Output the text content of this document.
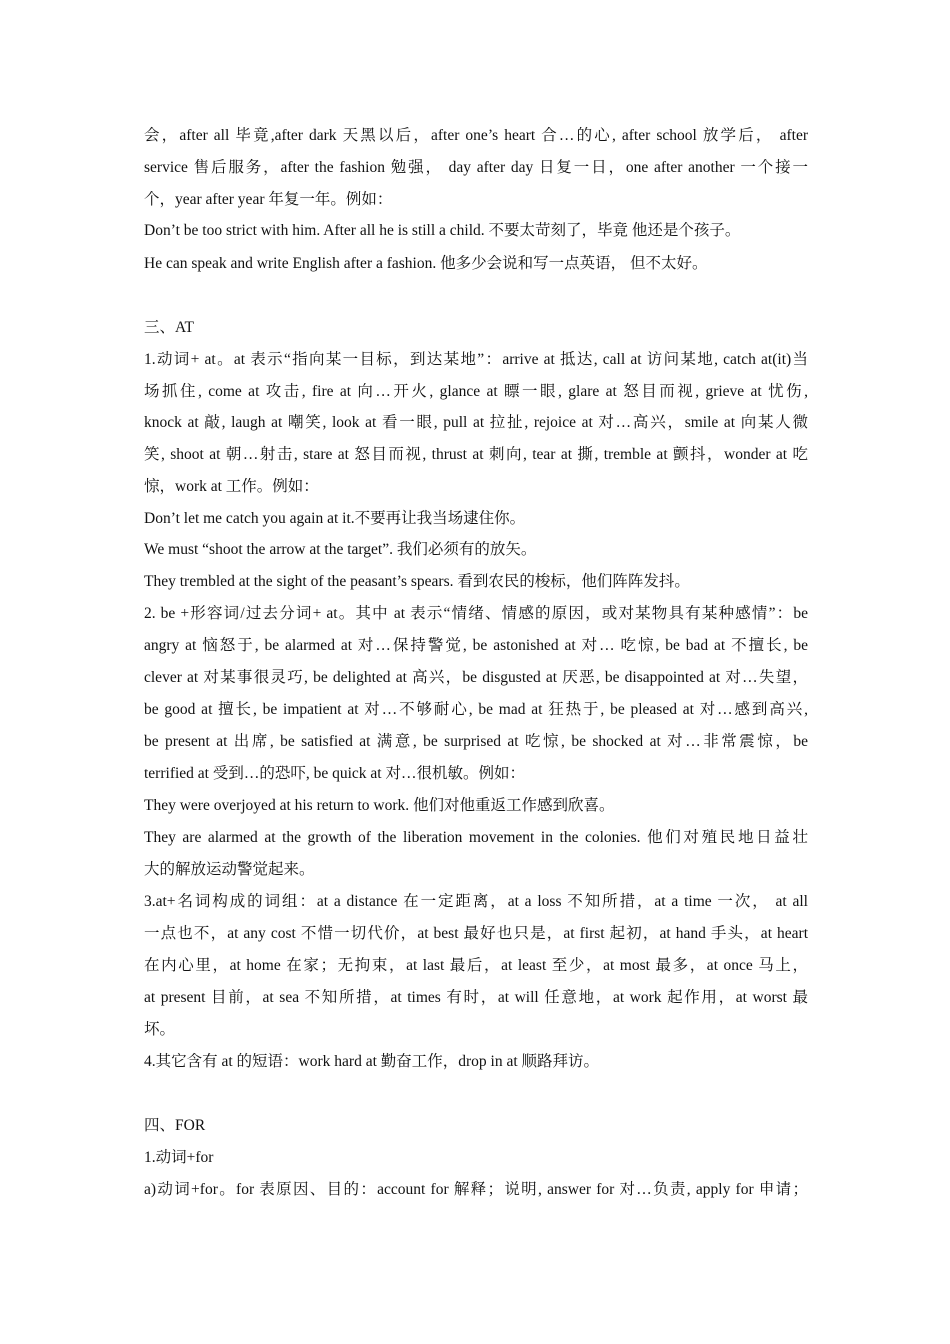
会，after all 毕竟,after dark 天黑以后，after one’s heart 合…的心, after school 放学后， after
service 售后服务，after the fashion 勉强， day after day 日复一日，one after another 一个接一
个，year after year 年复一年。例如：
Don’t be too strict with him. After all he is still a child. 不要太苛刻了，毕竟 他还是个孩子。
He can speak and write English after a fashion. 他多少会说和写一点英语， 但不太好。
三、AT
1.动词+ at。at 表示“指向某一目标，到达某地”：arrive at 抵达, call at 访问某地, catch at(it)当
场抓住, come at 攻击, fire at 向…开火, glance at 瞟一眼, glare at 怒目而视, grieve at 忧伤,
knock at 敲, laugh at 嘲笑, look at 看一眼, pull at 拉扯, rejoice at 对…高兴，smile at 向某人微
笑, shoot at 朝…射击, stare at 怒目而视, thrust at 刺向, tear at 撕, tremble at 颤抖，wonder at 吃
惊，work at 工作。例如：
Don’t let me catch you again at it.不要再让我当场逮住你。
We must “shoot the arrow at the target”. 我们必须有的放矢。
They trembled at the sight of the peasant’s spears. 看到农民的梭标，他们阵阵发抖。
2. be +形容词/过去分词+ at。其中 at 表示“情绪、情感的原因，或对某物具有某种感情”：be
angry at 恼怒于, be alarmed at 对…保持警觉, be astonished at 对… 吃惊, be bad at 不擅长, be
clever at 对某事很灵巧, be delighted at 高兴，be disgusted at 厌恶, be disappointed at 对…失望，
be good at 擅长, be impatient at 对…不够耐心, be mad at 狂热于, be pleased at 对…感到高兴,
be present at 出席, be satisfied at 满意, be surprised at 吃惊, be shocked at 对…非常震惊，be
terrified at 受到…的恐吓, be quick at 对…很机敏。例如：
They were overjoyed at his return to work. 他们对他重返工作感到欣喜。
They are alarmed at the growth of the liberation movement in the colonies. 他们对殖民地日益壮
大的解放运动警觉起来。
3.at+名词构成的词组：at a distance 在一定距离，at a loss 不知所措，at a time 一次， at all
一点也不，at any cost 不惜一切代价，at best 最好也只是，at first 起初，at hand 手头，at heart
在内心里，at home 在家；无拘束，at last 最后，at least 至少，at most 最多，at once 马上，
at present 目前，at sea 不知所措，at times 有时，at will 任意地，at work 起作用，at worst 最
坏。
4.其它含有 at 的短语：work hard at 勤奋工作，drop in at 顺路拜访。
四、FOR
1.动词+for
a)动词+for。for 表原因、目的：account for 解释；说明, answer for 对…负责, apply for 申请；
